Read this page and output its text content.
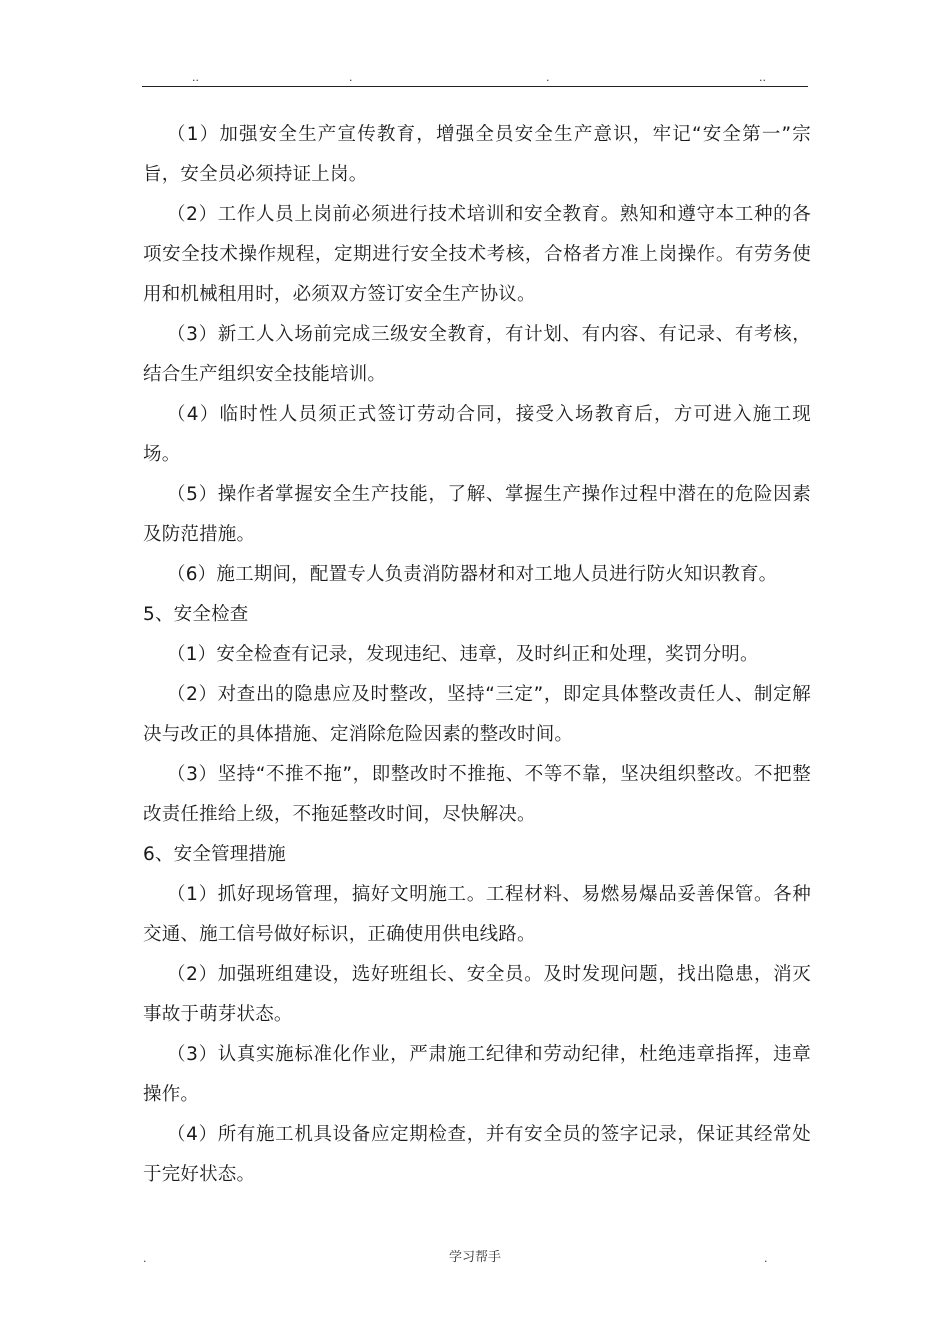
..	.	.	..

（1）加强安全生产宣传教育，增强全员安全生产意识，牢记“安全第一”宗旨，安全员必须持证上岗。

（2）工作人员上岗前必须进行技术培训和安全教育。熟知和遵守本工种的各项安全技术操作规程，定期进行安全技术考核，合格者方准上岗操作。有劳务使用和机械租用时，必须双方签订安全生产协议。

（3）新工人入场前完成三级安全教育，有计划、有内容、有记录、有考核，结合生产组织安全技能培训。

（4）临时性人员须正式签订劳动合同，接受入场教育后，方可进入施工现场。

（5）操作者掌握安全生产技能，了解、掌握生产操作过程中潜在的危险因素及防范措施。

（6）施工期间，配置专人负责消防器材和对工地人员进行防火知识教育。

5、安全检查

（1）安全检查有记录，发现违纪、违章，及时纠正和处理，奖罚分明。

（2）对查出的隐患应及时整改，坚持“三定”，即定具体整改责任人、制定解决与改正的具体措施、定消除危险因素的整改时间。

（3）坚持“不推不拖”，即整改时不推拖、不等不靠，坚决组织整改。不把整改责任推给上级，不拖延整改时间，尽快解决。

6、安全管理措施

（1）抓好现场管理，搞好文明施工。工程材料、易燃易爆品妥善保管。各种交通、施工信号做好标识，正确使用供电线路。

（2）加强班组建设，选好班组长、安全员。及时发现问题，找出隐患，消灭事故于萌芽状态。

（3）认真实施标准化作业，严肃施工纪律和劳动纪律，杜绝违章指挥，违章操作。

（4）所有施工机具设备应定期检查，并有安全员的签字记录，保证其经常处于完好状态。

.	学习帮手	.
